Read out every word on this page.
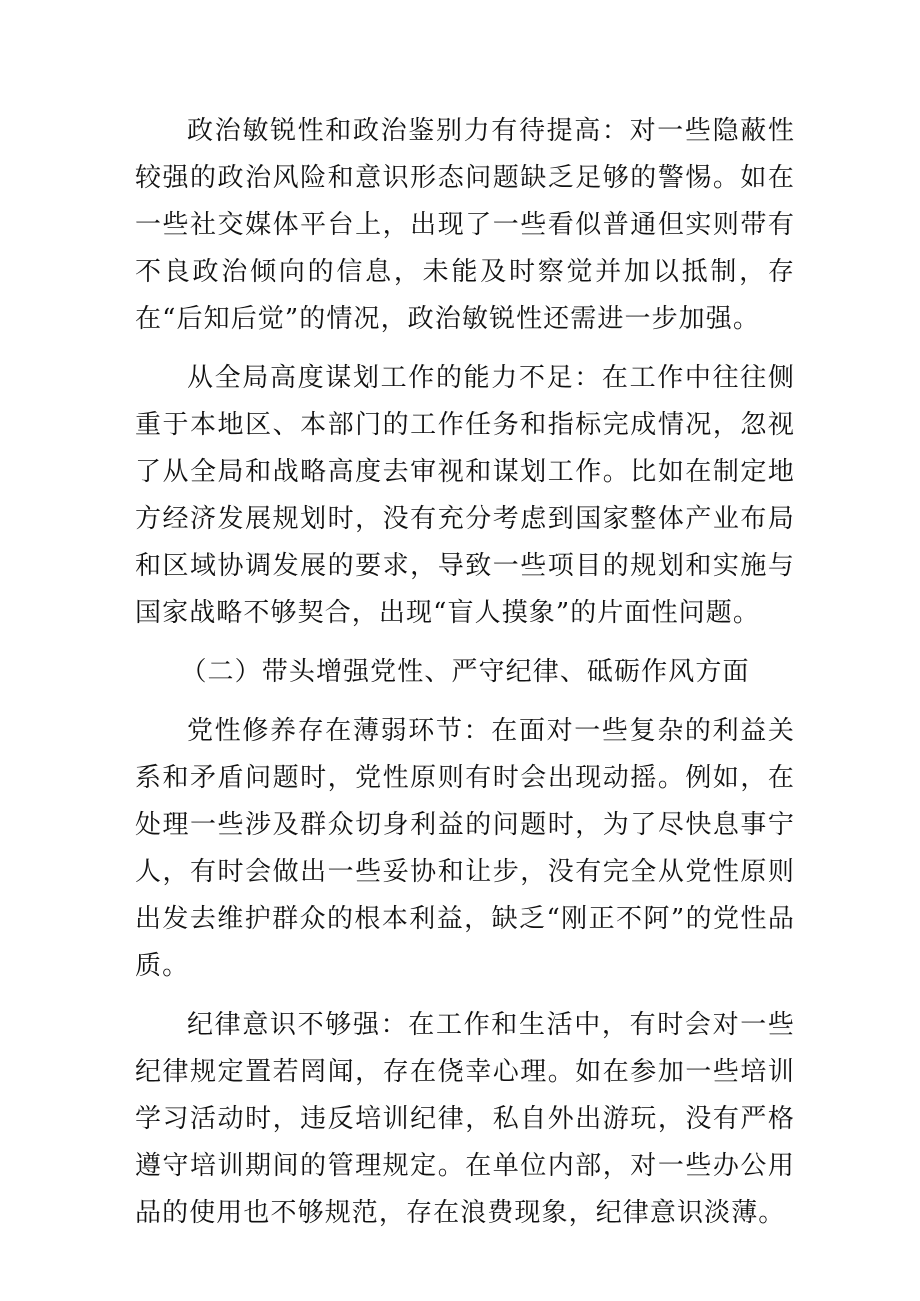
政治敏锐性和政治鉴别力有待提高：对一些隐蔽性较强的政治风险和意识形态问题缺乏足够的警惕。如在一些社交媒体平台上，出现了一些看似普通但实则带有不良政治倾向的信息，未能及时察觉并加以抵制，存在“后知后觉”的情况，政治敏锐性还需进一步加强。

从全局高度谋划工作的能力不足：在工作中往往侧重于本地区、本部门的工作任务和指标完成情况，忽视了从全局和战略高度去审视和谋划工作。比如在制定地方经济发展规划时，没有充分考虑到国家整体产业布局和区域协调发展的要求，导致一些项目的规划和实施与国家战略不够契合，出现“盲人摸象”的片面性问题。

（二）带头增强党性、严守纪律、砥砺作风方面

党性修养存在薄弱环节：在面对一些复杂的利益关系和矛盾问题时，党性原则有时会出现动摇。例如，在处理一些涉及群众切身利益的问题时，为了尽快息事宁人，有时会做出一些妥协和让步，没有完全从党性原则出发去维护群众的根本利益，缺乏“刚正不阿”的党性品质。

纪律意识不够强：在工作和生活中，有时会对一些纪律规定置若罔闻，存在侥幸心理。如在参加一些培训学习活动时，违反培训纪律，私自外出游玩，没有严格遵守培训期间的管理规定。在单位内部，对一些办公用品的使用也不够规范，存在浪费现象，纪律意识淡薄。
